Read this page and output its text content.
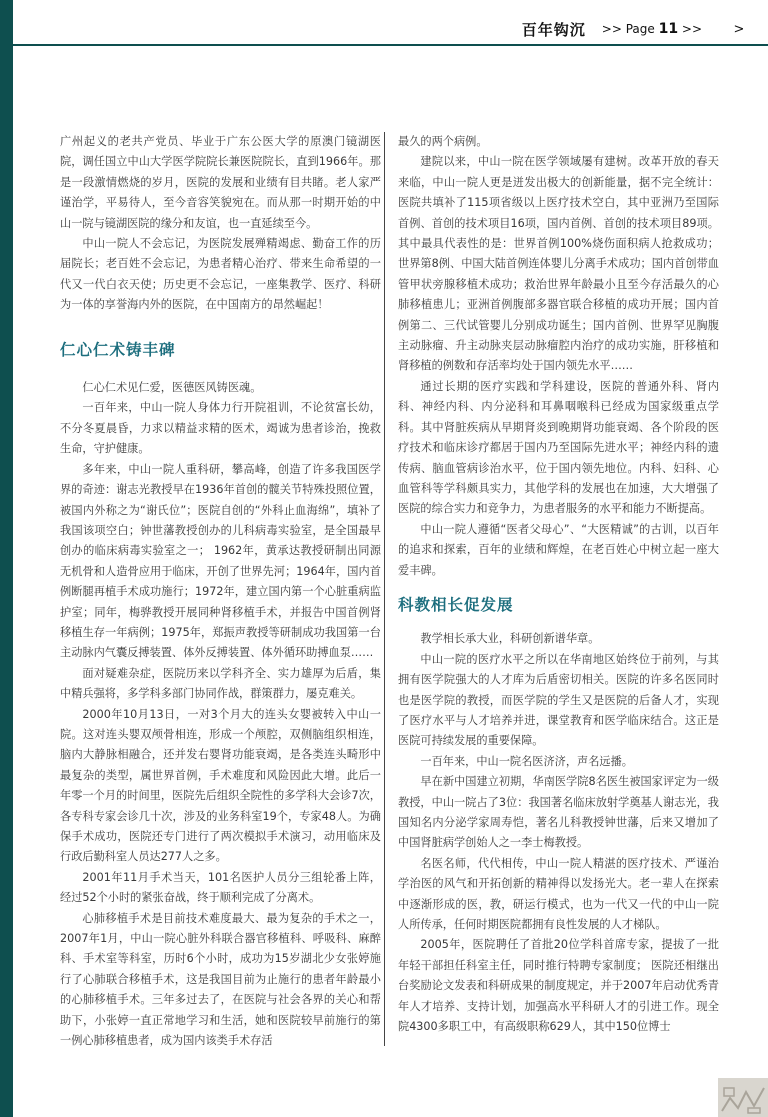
百年钩沉 >> Page 11 >>	>

广州起义的老共产党员、毕业于广东公医大学的原澳门镜湖医院，调任国立中山大学医学院院长兼医院院长，直到1966年。那是一段激情燃烧的岁月，医院的发展和业绩有目共睹。老人家严谨治学，平易待人，至今音容笑貌宛在。而从那一时期开始的中山一院与镜湖医院的缘分和友谊，也一直延续至今。

中山一院人不会忘记，为医院发展殚精竭虑、勤奋工作的历届院长；老百姓不会忘记，为患者精心治疗、带来生命希望的一代又一代白衣天使；历史更不会忘记，一座集教学、医疗、科研为一体的享誉海内外的医院，在中国南方的昂然崛起！

仁心仁术铸丰碑

仁心仁术见仁爱，医德医风铸医魂。

一百年来，中山一院人身体力行开院祖训，不论贫富长幼，不分冬夏晨昏，力求以精益求精的医术，竭诚为患者诊治，挽救生命，守护健康。

多年来，中山一院人重科研，攀高峰，创造了许多我国医学界的奇迹：谢志光教授早在1936年首创的髋关节特殊投照位置，被国内外称之为“谢氏位”；医院自创的“外科止血海绵”，填补了我国该项空白；钟世藩教授创办的儿科病毒实验室，是全国最早创办的临床病毒实验室之一； 1962年，黄承达教授研制出同源无机骨和人造骨应用于临床，开创了世界先河；1964年，国内首例断腿再植手术成功施行；1972年，建立国内第一个心脏重病监护室；同年，梅骅教授开展同种肾移植手术，并报告中国首例肾移植生存一年病例；1975年，郑振声教授等研制成功我国第一台主动脉内气囊反搏装置、体外反搏装置、体外循环助搏血泵……

面对疑难杂症，医院历来以学科齐全、实力雄厚为后盾，集中精兵强将，多学科多部门协同作战，群策群力，屡克难关。

2000年10月13日，一对3个月大的连头女婴被转入中山一院。这对连头婴双颅骨相连，形成一个颅腔，双侧脑组织相连，脑内大静脉相融合，还并发右婴肾功能衰竭，是各类连头畸形中最复杂的类型，属世界首例，手术难度和风险因此大增。此后一年零一个月的时间里，医院先后组织全院性的多学科大会诊7次，各专科专家会诊几十次，涉及的业务科室19个，专家48人。为确保手术成功，医院还专门进行了两次模拟手术演习，动用临床及行政后勤科室人员达277人之多。

2001年11月手术当天，101名医护人员分三组轮番上阵，经过52个小时的紧张奋战，终于顺利完成了分离术。

心肺移植手术是目前技术难度最大、最为复杂的手术之一，2007年1月，中山一院心脏外科联合器官移植科、呼吸科、麻醉科、手术室等科室，历时6个小时，成功为15岁湖北少女张婷施行了心肺联合移植手术，这是我国目前为止施行的患者年龄最小的心肺移植手术。三年多过去了，在医院与社会各界的关心和帮助下，小张婷一直正常地学习和生活，她和医院较早前施行的第一例心肺移植患者，成为国内该类手术存活

最久的两个病例。

建院以来，中山一院在医学领域屡有建树。改革开放的春天来临，中山一院人更是迸发出极大的创新能量，据不完全统计：医院共填补了115项省级以上医疗技术空白，其中亚洲乃至国际首例、首创的技术项目16项，国内首例、首创的技术项目89项。其中最具代表性的是：世界首例100%烧伤面积病人抢救成功；世界第8例、中国大陆首例连体婴儿分离手术成功；国内首创带血管甲状旁腺移植术成功；救治世界年龄最小且至今存活最久的心肺移植患儿；亚洲首例腹部多器官联合移植的成功开展；国内首例第二、三代试管婴儿分别成功诞生；国内首例、世界罕见胸腹主动脉瘤、升主动脉夹层动脉瘤腔内治疗的成功实施，肝移植和肾移植的例数和存活率均处于国内领先水平……

通过长期的医疗实践和学科建设，医院的普通外科、肾内科、神经内科、内分泌科和耳鼻咽喉科已经成为国家级重点学科。其中肾脏疾病从早期肾炎到晚期肾功能衰竭、各个阶段的医疗技术和临床诊疗都居于国内乃至国际先进水平；神经内科的遗传病、脑血管病诊治水平，位于国内领先地位。内科、妇科、心血管科等学科颇具实力，其他学科的发展也在加速，大大增强了医院的综合实力和竞争力，为患者服务的水平和能力不断提高。

中山一院人遵循“医者父母心”、“大医精诚”的古训，以百年的追求和探索，百年的业绩和辉煌，在老百姓心中树立起一座大爱丰碑。

科教相长促发展

教学相长承大业，科研创新谱华章。

中山一院的医疗水平之所以在华南地区始终位于前列，与其拥有医学院强大的人才库为后盾密切相关。医院的许多名医同时也是医学院的教授，而医学院的学生又是医院的后备人才，实现了医疗水平与人才培养并进，课堂教育和医学临床结合。这正是医院可持续发展的重要保障。

一百年来，中山一院名医济济，声名远播。

早在新中国建立初期，华南医学院8名医生被国家评定为一级教授，中山一院占了3位：我国著名临床放射学奠基人谢志光，我国知名内分泌学家周寿恺，著名儿科教授钟世藩，后来又增加了中国肾脏病学创始人之一李士梅教授。

名医名师，代代相传，中山一院人精湛的医疗技术、严谨治学治医的风气和开拓创新的精神得以发扬光大。老一辈人在探索中逐渐形成的医，教，研运行模式，也为一代又一代的中山一院人所传承，任何时期医院都拥有良性发展的人才梯队。

2005年，医院聘任了首批20位学科首席专家，提拔了一批年轻干部担任科室主任，同时推行特聘专家制度； 医院还相继出台奖励论文发表和科研成果的制度规定，并于2007年启动优秀青年人才培养、支持计划，加强高水平科研人才的引进工作。现全院4300多职工中，有高级职称629人，其中150位博士
